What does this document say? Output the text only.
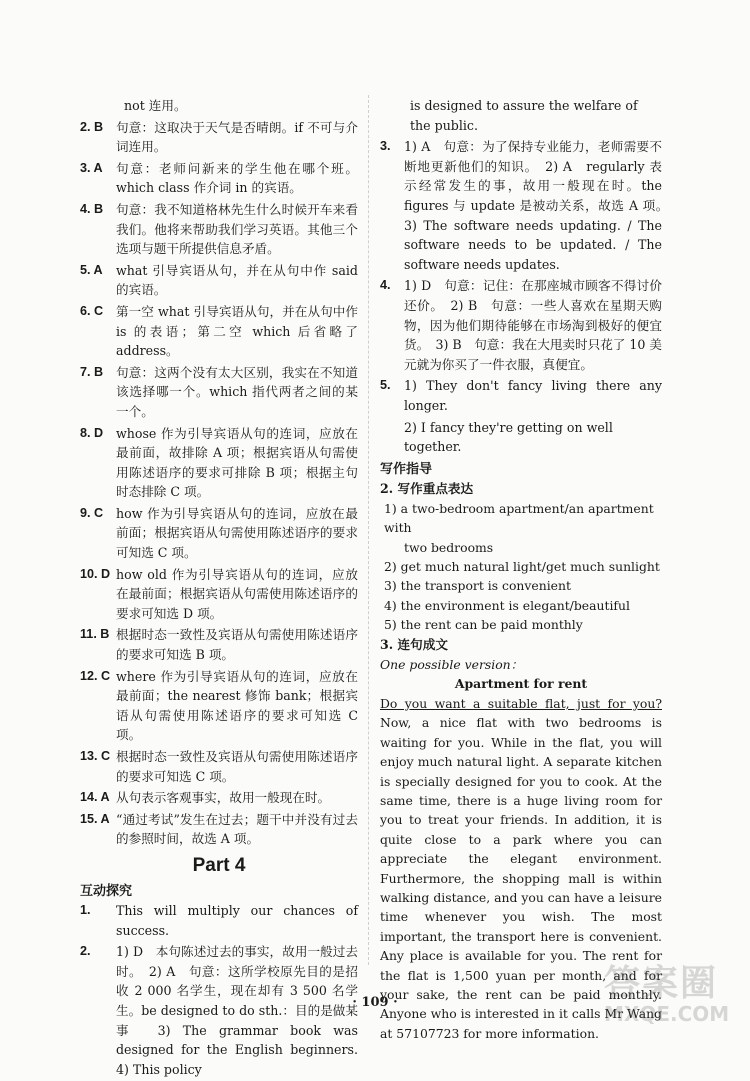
not 连用。
2. B	句意：这取决于天气是否晴朗。if 不可与介词连用。
3. A	句意：老师问新来的学生他在哪个班。which class 作介词 in 的宾语。
4. B	句意：我不知道格林先生什么时候开车来看我们。他将来帮助我们学习英语。其他三个选项与题干所提供信息矛盾。
5. A	what 引导宾语从句，并在从句中作 said 的宾语。
6. C	第一空 what 引导宾语从句，并在从句中作 is 的表语；第二空 which 后省略了 address。
7. B	句意：这两个没有太大区别，我实在不知道该选择哪一个。which 指代两者之间的某一个。
8. D	whose 作为引导宾语从句的连词，应放在最前面，故排除 A 项；根据宾语从句需使用陈述语序的要求可排除 B 项；根据主句时态排除 C 项。
9. C	how 作为引导宾语从句的连词，应放在最前面；根据宾语从句需使用陈述语序的要求可知选 C 项。
10. D how old 作为引导宾语从句的连词，应放在最前面；根据宾语从句需使用陈述语序的要求可知选 D 项。
11. B 根据时态一致性及宾语从句需使用陈述语序的要求可知选 B 项。
12. C where 作为引导宾语从句的连词，应放在最前面；the nearest 修饰 bank；根据宾语从句需使用陈述语序的要求可知选 C 项。
13. C 根据时态一致性及宾语从句需使用陈述语序的要求可知选 C 项。
14. A 从句表示客观事实，故用一般现在时。
15. A “通过考试”发生在过去；题干中并没有过去的参照时间，故选 A 项。
Part 4
互动探究
1.	This will multiply our chances of success.
2.	1) D　本句陈述过去的事实，故用一般过去时。　2) A　句意：这所学校原先目的是招收 2 000 名学生，现在却有 3 500 名学生。be designed to do sth.：目的是做某事　3) The grammar book was designed for the English beginners.　4) This policy
is designed to assure the welfare of the public.
3.	1) A　句意：为了保持专业能力，老师需要不断地更新他们的知识。　2) A　regularly 表示经常发生的事，故用一般现在时。the figures 与 update 是被动关系，故选 A 项。　3) The software needs updating. / The software needs to be updated. / The software needs updates.
4.	1) D　句意：记住：在那座城市顾客不得讨价还价。　2) B　句意：一些人喜欢在星期天购物，因为他们期待能够在市场淘到极好的便宜货。　3) B　句意：我在大甩卖时只花了 10 美元就为你买了一件衣服，真便宜。
5.	1) They don't fancy living there any longer.
2) I fancy they're getting on well together.
写作指导
2. 写作重点表达
1) a two-bedroom apartment/an apartment with
two bedrooms
2) get much natural light/get much sunlight
3) the transport is convenient
4) the environment is elegant/beautiful
5) the rent can be paid monthly
3. 连句成文
One possible version：
Apartment for rent
Do you want a suitable flat, just for you? Now, a nice flat with two bedrooms is waiting for you. While in the flat, you will enjoy much natural light. A separate kitchen is specially designed for you to cook. At the same time, there is a huge living room for you to treat your friends. In addition, it is quite close to a park where you can appreciate the elegant environment. Furthermore, the shopping mall is within walking distance, and you can have a leisure time whenever you wish. The most important, the transport here is convenient. Any place is available for you. The rent for the flat is 1,500 yuan per month, and for your sake, the rent can be paid monthly. Anyone who is interested in it calls Mr Wang at 57107723 for more information.
· 109 ·	答案圈
MXQE.COM
